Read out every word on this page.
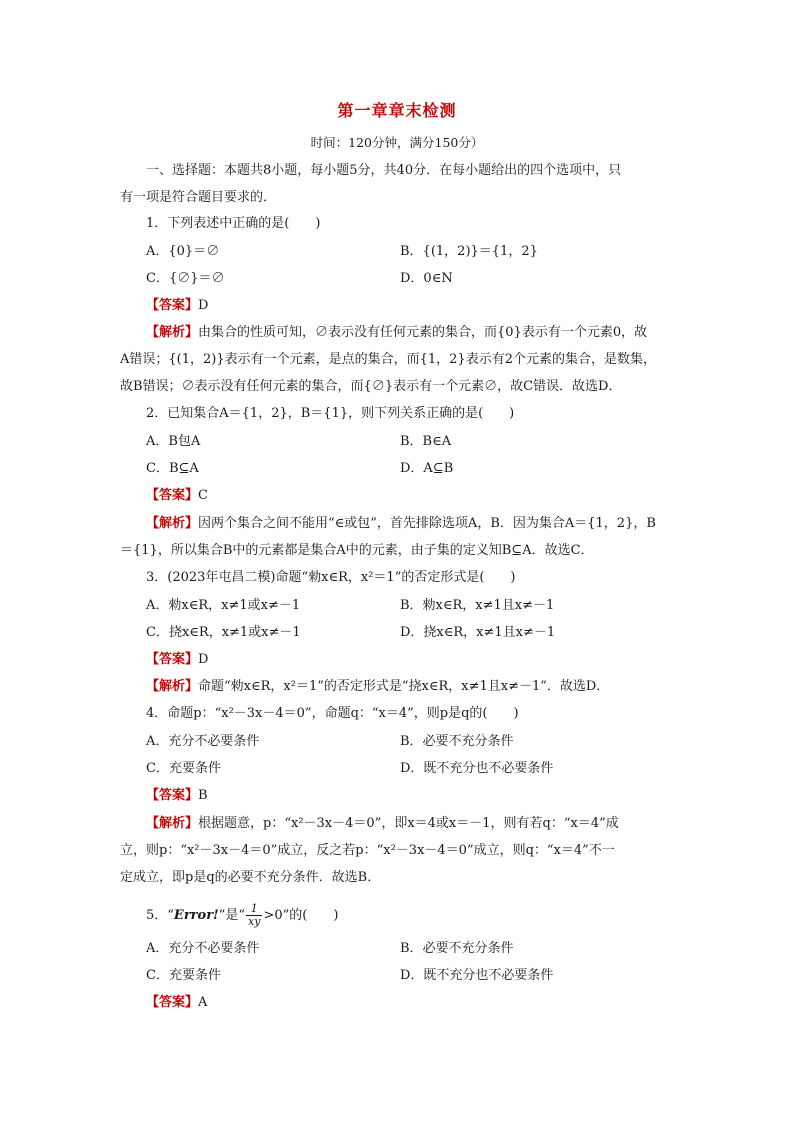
第一章章末检测
时间：120分钟，满分150分）
一、选择题：本题共8小题，每小题5分，共40分．在每小题给出的四个选项中，只
有一项是符合题目要求的．
1．下列表述中正确的是(　　)
A．{0}＝∅	B．{(1，2)}＝{1，2}
C．{∅}＝∅	D．0∈N
【答案】D
【解析】由集合的性质可知，∅表示没有任何元素的集合，而{0}表示有一个元素0，故
A错误；{(1，2)}表示有一个元素，是点的集合，而{1，2}表示有2个元素的集合，是数集，
故B错误；∅表示没有任何元素的集合，而{∅}表示有一个元素∅，故C错误．故选D．
2．已知集合A＝{1，2}，B＝{1}，则下列关系正确的是(　　)
A．B包A	B．B∈A
C．B⊆A	D．A⊆B
【答案】C
【解析】因两个集合之间不能用“∈或包”，首先排除选项A，B．因为集合A＝{1，2}，B
＝{1}，所以集合B中的元素都是集合A中的元素，由子集的定义知B⊆A．故选C．
3．(2023年屯昌二模)命题“勑x∈R，x²＝1”的否定形式是(　　)
A．勑x∈R，x≠1或x≠－1	B．勑x∈R，x≠1且x≠－1
C．挠x∈R，x≠1或x≠－1	D．挠x∈R，x≠1且x≠－1
【答案】D
【解析】命题“勑x∈R，x²＝1”的否定形式是“挠x∈R，x≠1且x≠－1”．故选D．
4．命题p：“x²－3x－4＝0”，命题q：“x＝4”，则p是q的(　　)
A．充分不必要条件	B．必要不充分条件
C．充要条件	D．既不充分也不必要条件
【答案】B
【解析】根据题意，p：“x²－3x－4＝0”，即x＝4或x＝－1，则有若q：“x＝4”成
立，则p：“x²－3x－4＝0”成立，反之若p：“x²－3x－4＝0”成立，则q：“x＝4”不一
定成立，即p是q的必要不充分条件．故选B．
5．“Error!”是“ $\frac{1}{xy} >0$”的(　　)
A．充分不必要条件	B．必要不充分条件
C．充要条件	D．既不充分也不必要条件
【答案】A
